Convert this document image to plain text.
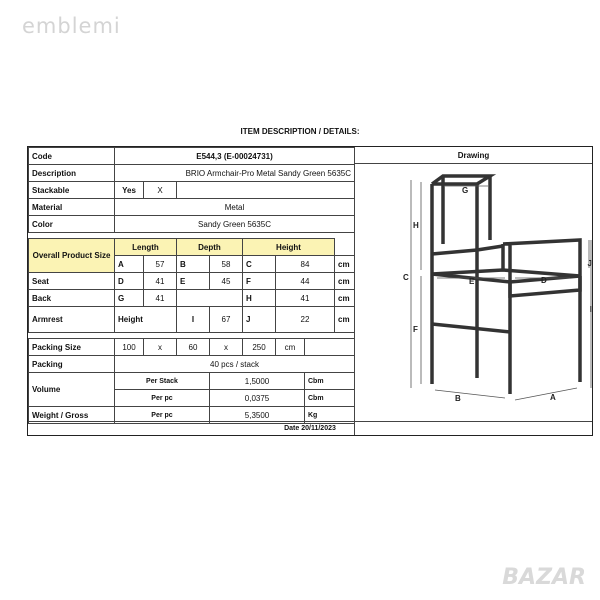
emblemi
BAZAR
ITEM DESCRIPTION / DETAILS:
Code	E544,3 (E-00024731)							
Description	BRIO Armchair-Pro Metal Sandy Green 5635C							
Stackable	Yes	X						
Material	Metal							
Color	Sandy Green 5635C							

Overall Product Size	Length		Depth		Height			
	A	57	B	58	C	84		cm
Seat	D	41	E	45	F	44		cm
Back	G	41			H	41		cm
Armrest	Height		I	67	J	22		cm

Packing Size	100	x	60	x	250	cm		
Packing	40 pcs / stack							
Volume	Per Stack			1,5000			Cbm	
	Per pc			0,0375			Cbm	
Weight / Gross	Per pc			5,3500			Kg	
Drawing
G
H
C
F
E	D
J
I
B	A
Date 20/11/2023
